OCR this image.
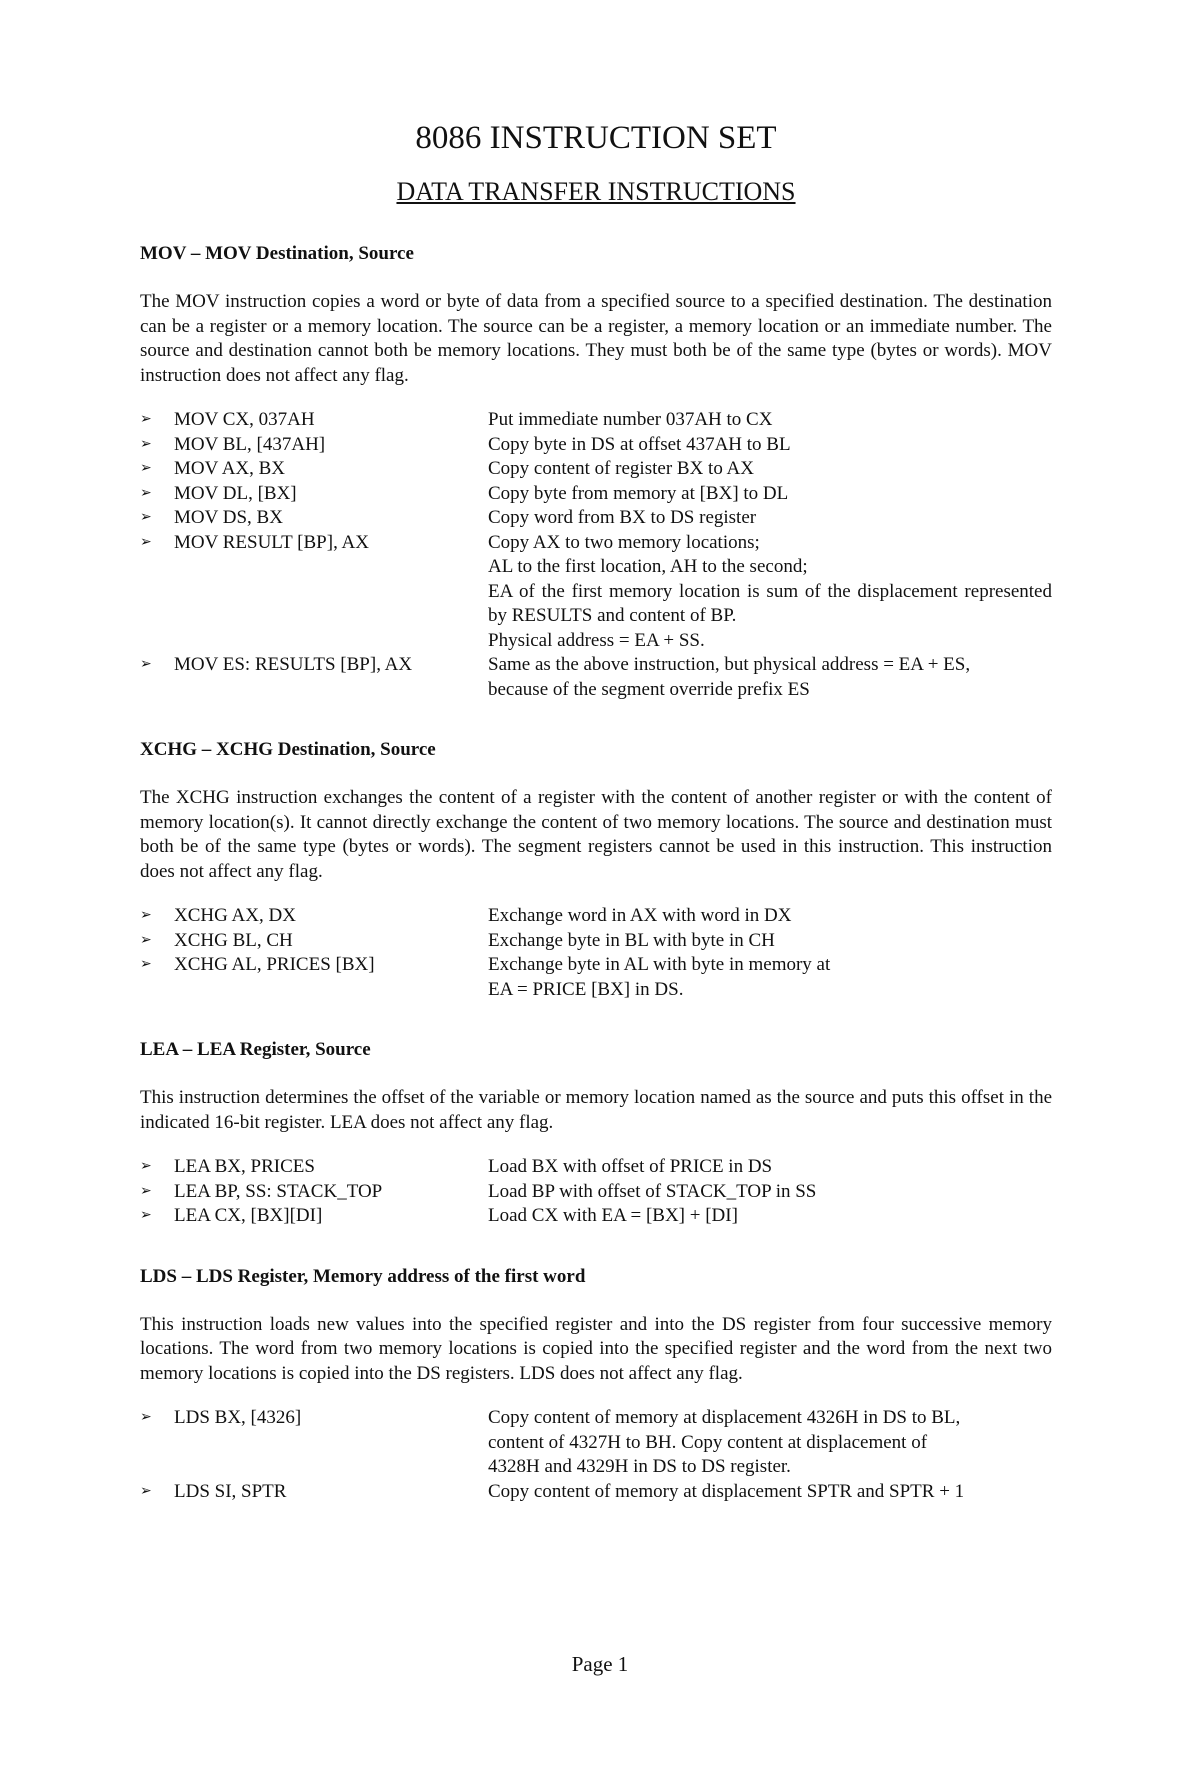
8086 INSTRUCTION SET
DATA TRANSFER INSTRUCTIONS

MOV – MOV Destination, Source

The MOV instruction copies a word or byte of data from a specified source to a specified destination. The destination can be a register or a memory location. The source can be a register, a memory location or an immediate number. The source and destination cannot both be memory locations. They must both be of the same type (bytes or words). MOV instruction does not affect any flag.

➢	MOV CX, 037AH	Put immediate number 037AH to CX
➢	MOV BL, [437AH]	Copy byte in DS at offset 437AH to BL
➢	MOV AX, BX	Copy content of register BX to AX
➢	MOV DL, [BX]	Copy byte from memory at [BX] to DL
➢	MOV DS, BX	Copy word from BX to DS register
➢	MOV RESULT [BP], AX	Copy AX to two memory locations;
AL to the first location, AH to the second;
EA of the first memory location is sum of the displacement represented by RESULTS and content of BP.
Physical address = EA + SS.
➢	MOV ES: RESULTS [BP], AX	Same as the above instruction, but physical address = EA + ES,
because of the segment override prefix ES

XCHG – XCHG Destination, Source

The XCHG instruction exchanges the content of a register with the content of another register or with the content of memory location(s). It cannot directly exchange the content of two memory locations. The source and destination must both be of the same type (bytes or words). The segment registers cannot be used in this instruction. This instruction does not affect any flag.

➢	XCHG AX, DX	Exchange word in AX with word in DX
➢	XCHG BL, CH	Exchange byte in BL with byte in CH
➢	XCHG AL, PRICES [BX]	Exchange byte in AL with byte in memory at
EA = PRICE [BX] in DS.

LEA – LEA Register, Source

This instruction determines the offset of the variable or memory location named as the source and puts this offset in the indicated 16-bit register. LEA does not affect any flag.

➢	LEA BX, PRICES	Load BX with offset of PRICE in DS
➢	LEA BP, SS: STACK_TOP	Load BP with offset of STACK_TOP in SS
➢	LEA CX, [BX][DI]	Load CX with EA = [BX] + [DI]

LDS – LDS Register, Memory address of the first word

This instruction loads new values into the specified register and into the DS register from four successive memory locations. The word from two memory locations is copied into the specified register and the word from the next two memory locations is copied into the DS registers. LDS does not affect any flag.

➢	LDS BX, [4326]	Copy content of memory at displacement 4326H in DS to BL,
content of 4327H to BH. Copy content at displacement of
4328H and 4329H in DS to DS register.
➢	LDS SI, SPTR	Copy content of memory at displacement SPTR and SPTR + 1
Page 1
